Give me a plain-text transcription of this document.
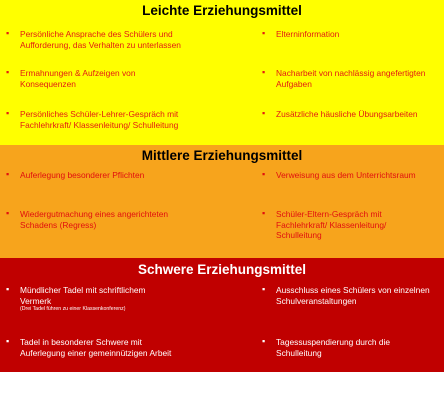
Leichte Erziehungsmittel
▪ Persönliche Ansprache des Schülers und
Aufforderung, das Verhalten zu unterlassen
▪ Ermahnungen & Aufzeigen von
Konsequenzen
▪ Persönliches Schüler-Lehrer-Gespräch mit
Fachlehrkraft/ Klassenleitung/ Schulleitung
▪ Elterninformation
▪ Nacharbeit von nachlässig angefertigten
Aufgaben
▪ Zusätzliche häusliche Übungsarbeiten
Mittlere Erziehungsmittel
▪ Auferlegung besonderer Pflichten
▪ Wiedergutmachung eines angerichteten
Schadens (Regress)
▪ Verweisung aus dem Unterrichtsraum
▪ Schüler-Eltern-Gespräch mit
Fachlehrkraft/ Klassenleitung/
Schulleitung
Schwere Erziehungsmittel
▪ Mündlicher Tadel mit schriftlichem
Vermerk
(Drei Tadel führen zu einer Klassenkonferenz)
▪ Tadel in besonderer Schwere mit
Auferlegung einer gemeinnützigen Arbeit
▪ Ausschluss eines Schülers von einzelnen
Schulveranstaltungen
▪ Tagessuspendierung durch die
Schulleitung
